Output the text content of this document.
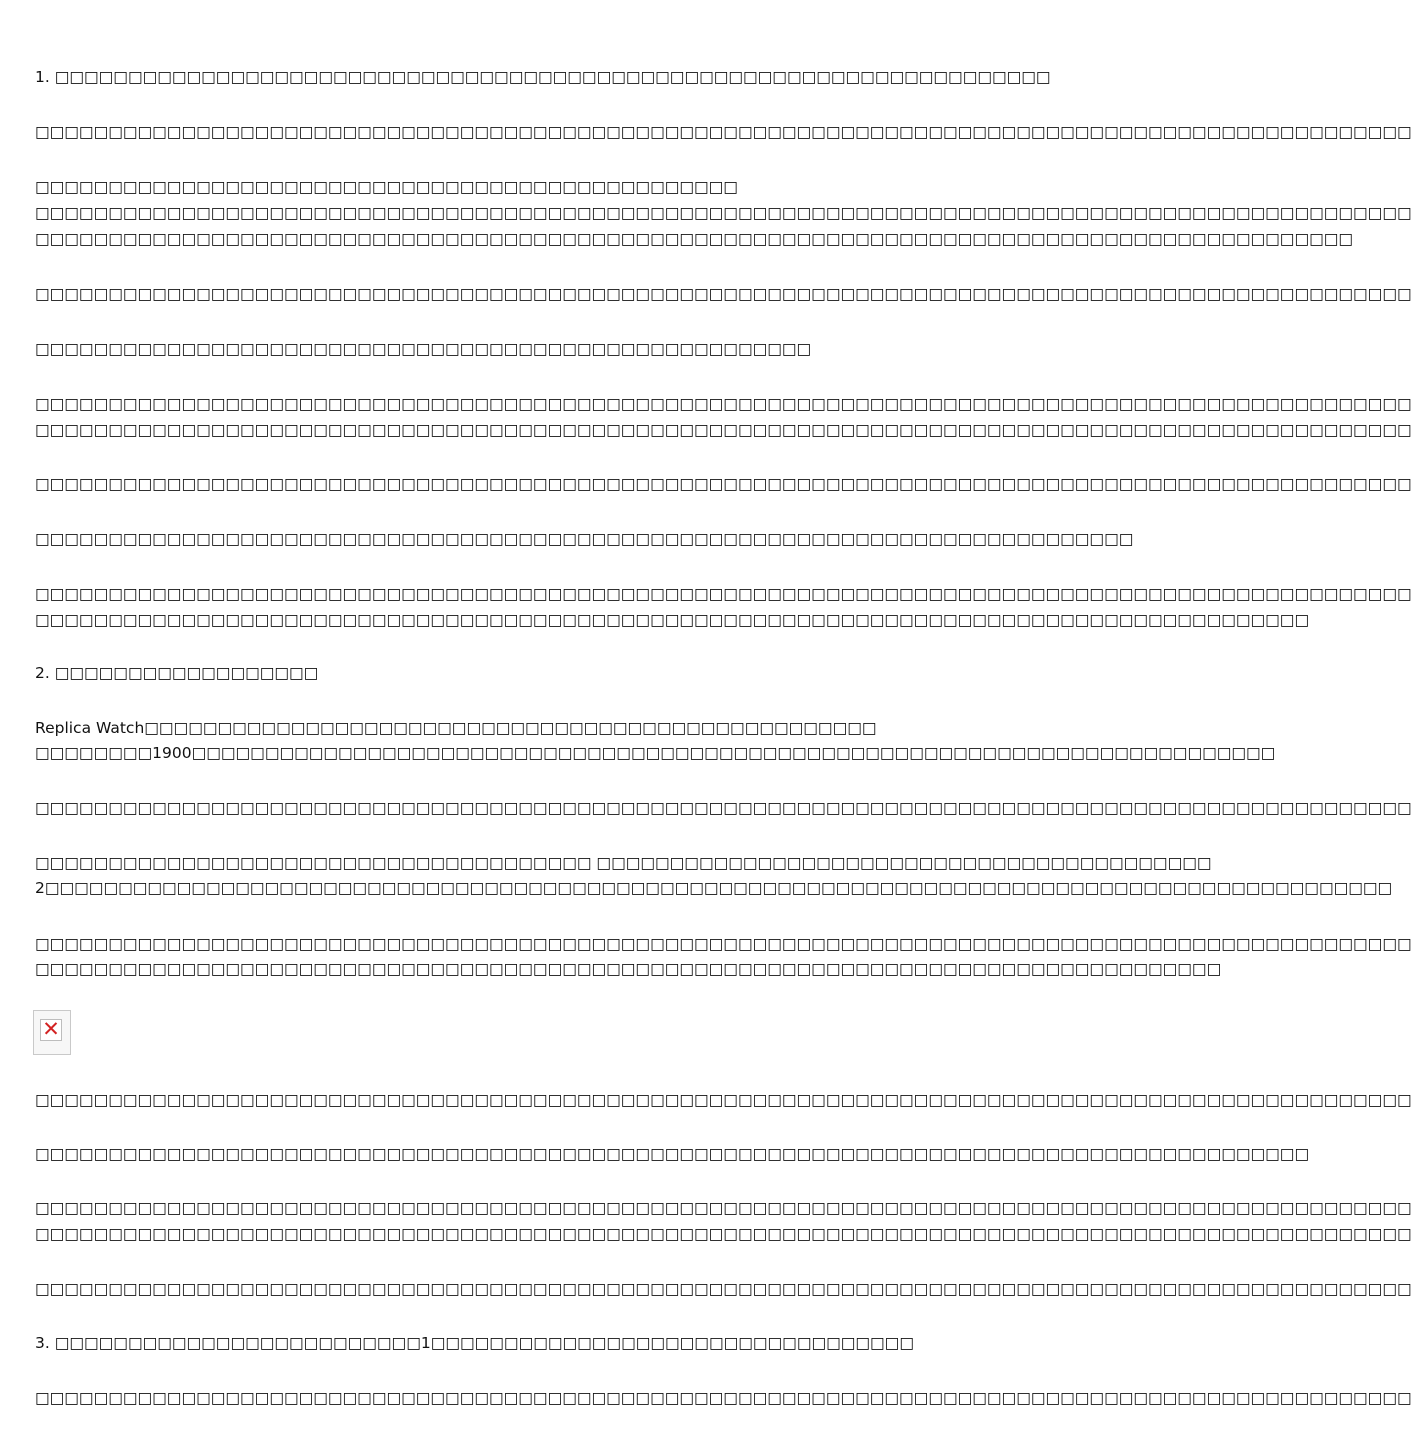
1. □□□□□□□□□□□□□□□□□□□□□□□□□□□□□□□□□□□□□□□□□□□□□□□□□□□□□□□□□□□□□□□□□□□□
□□□□□□□□□□□□□□□□□□□□□□□□□□□□□□□□□□□□□□□□□□□□□□□□□□□□□□□□□□□□□□□□□□□□□□□□□□□□□□□□□□□□□□□□□□□□□□
□□□□□□□□□□□□□□□□□□□□□□□□□□□□□□□□□□□□□□□□□□□□□□□□
□□□□□□□□□□□□□□□□□□□□□□□□□□□□□□□□□□□□□□□□□□□□□□□□□□□□□□□□□□□□□□□□□□□□□□□□□□□□□□□□□□□□□□□□□□□□□□
□□□□□□□□□□□□□□□□□□□□□□□□□□□□□□□□□□□□□□□□□□□□□□□□□□□□□□□□□□□□□□□□□□□□□□□□□□□□□□□□□□□□□□□□□□
□□□□□□□□□□□□□□□□□□□□□□□□□□□□□□□□□□□□□□□□□□□□□□□□□□□□□□□□□□□□□□□□□□□□□□□□□□□□□□□□□□□□□□□□□□□□□□
□□□□□□□□□□□□□□□□□□□□□□□□□□□□□□□□□□□□□□□□□□□□□□□□□□□□□
□□□□□□□□□□□□□□□□□□□□□□□□□□□□□□□□□□□□□□□□□□□□□□□□□□□□□□□□□□□□□□□□□□□□□□□□□□□□□□□□□□□□□□□□□□□□□□
□□□□□□□□□□□□□□□□□□□□□□□□□□□□□□□□□□□□□□□□□□□□□□□□□□□□□□□□□□□□□□□□□□□□□□□□□□□□□□□□□□□□□□□□□□□□□□
□□□□□□□□□□□□□□□□□□□□□□□□□□□□□□□□□□□□□□□□□□□□□□□□□□□□□□□□□□□□□□□□□□□□□□□□□□□□□□□□□□□□□□□□□□□□□□
□□□□□□□□□□□□□□□□□□□□□□□□□□□□□□□□□□□□□□□□□□□□□□□□□□□□□□□□□□□□□□□□□□□□□□□□□□□
□□□□□□□□□□□□□□□□□□□□□□□□□□□□□□□□□□□□□□□□□□□□□□□□□□□□□□□□□□□□□□□□□□□□□□□□□□□□□□□□□□□□□□□□□□□□□□
□□□□□□□□□□□□□□□□□□□□□□□□□□□□□□□□□□□□□□□□□□□□□□□□□□□□□□□□□□□□□□□□□□□□□□□□□□□□□□□□□□□□□□□
2. □□□□□□□□□□□□□□□□□□
Replica Watch□□□□□□□□□□□□□□□□□□□□□□□□□□□□□□□□□□□□□□□□□□□□□□□□□□
□□□□□□□□1900□□□□□□□□□□□□□□□□□□□□□□□□□□□□□□□□□□□□□□□□□□□□□□□□□□□□□□□□□□□□□□□□□□□□□□□□□□
□□□□□□□□□□□□□□□□□□□□□□□□□□□□□□□□□□□□□□□□□□□□□□□□□□□□□□□□□□□□□□□□□□□□□□□□□□□□□□□□□□□□□□□□□□□□□□
□□□□□□□□□□□□□□□□□□□□□□□□□□□□□□□□□□□□□□ □□□□□□□□□□□□□□□□□□□□□□□□□□□□□□□□□□□□□□□□□□
2□□□□□□□□□□□□□□□□□□□□□□□□□□□□□□□□□□□□□□□□□□□□□□□□□□□□□□□□□□□□□□□□□□□□□□□□□□□□□□□□□□□□□□□□□□□□
□□□□□□□□□□□□□□□□□□□□□□□□□□□□□□□□□□□□□□□□□□□□□□□□□□□□□□□□□□□□□□□□□□□□□□□□□□□□□□□□□□□□□□□□□□□□□□
□□□□□□□□□□□□□□□□□□□□□□□□□□□□□□□□□□□□□□□□□□□□□□□□□□□□□□□□□□□□□□□□□□□□□□□□□□□□□□□□□
✕
□□□□□□□□□□□□□□□□□□□□□□□□□□□□□□□□□□□□□□□□□□□□□□□□□□□□□□□□□□□□□□□□□□□□□□□□□□□□□□□□□□□□□□□□□□□□□□
□□□□□□□□□□□□□□□□□□□□□□□□□□□□□□□□□□□□□□□□□□□□□□□□□□□□□□□□□□□□□□□□□□□□□□□□□□□□□□□□□□□□□□□
□□□□□□□□□□□□□□□□□□□□□□□□□□□□□□□□□□□□□□□□□□□□□□□□□□□□□□□□□□□□□□□□□□□□□□□□□□□□□□□□□□□□□□□□□□□□□□
□□□□□□□□□□□□□□□□□□□□□□□□□□□□□□□□□□□□□□□□□□□□□□□□□□□□□□□□□□□□□□□□□□□□□□□□□□□□□□□□□□□□□□□□□□□□□□
□□□□□□□□□□□□□□□□□□□□□□□□□□□□□□□□□□□□□□□□□□□□□□□□□□□□□□□□□□□□□□□□□□□□□□□□□□□□□□□□□□□□□□□□□□□□□□
3. □□□□□□□□□□□□□□□□□□□□□□□□□1□□□□□□□□□□□□□□□□□□□□□□□□□□□□□□□□□
□□□□□□□□□□□□□□□□□□□□□□□□□□□□□□□□□□□□□□□□□□□□□□□□□□□□□□□□□□□□□□□□□□□□□□□□□□□□□□□□□□□□□□□□□□□□□□
